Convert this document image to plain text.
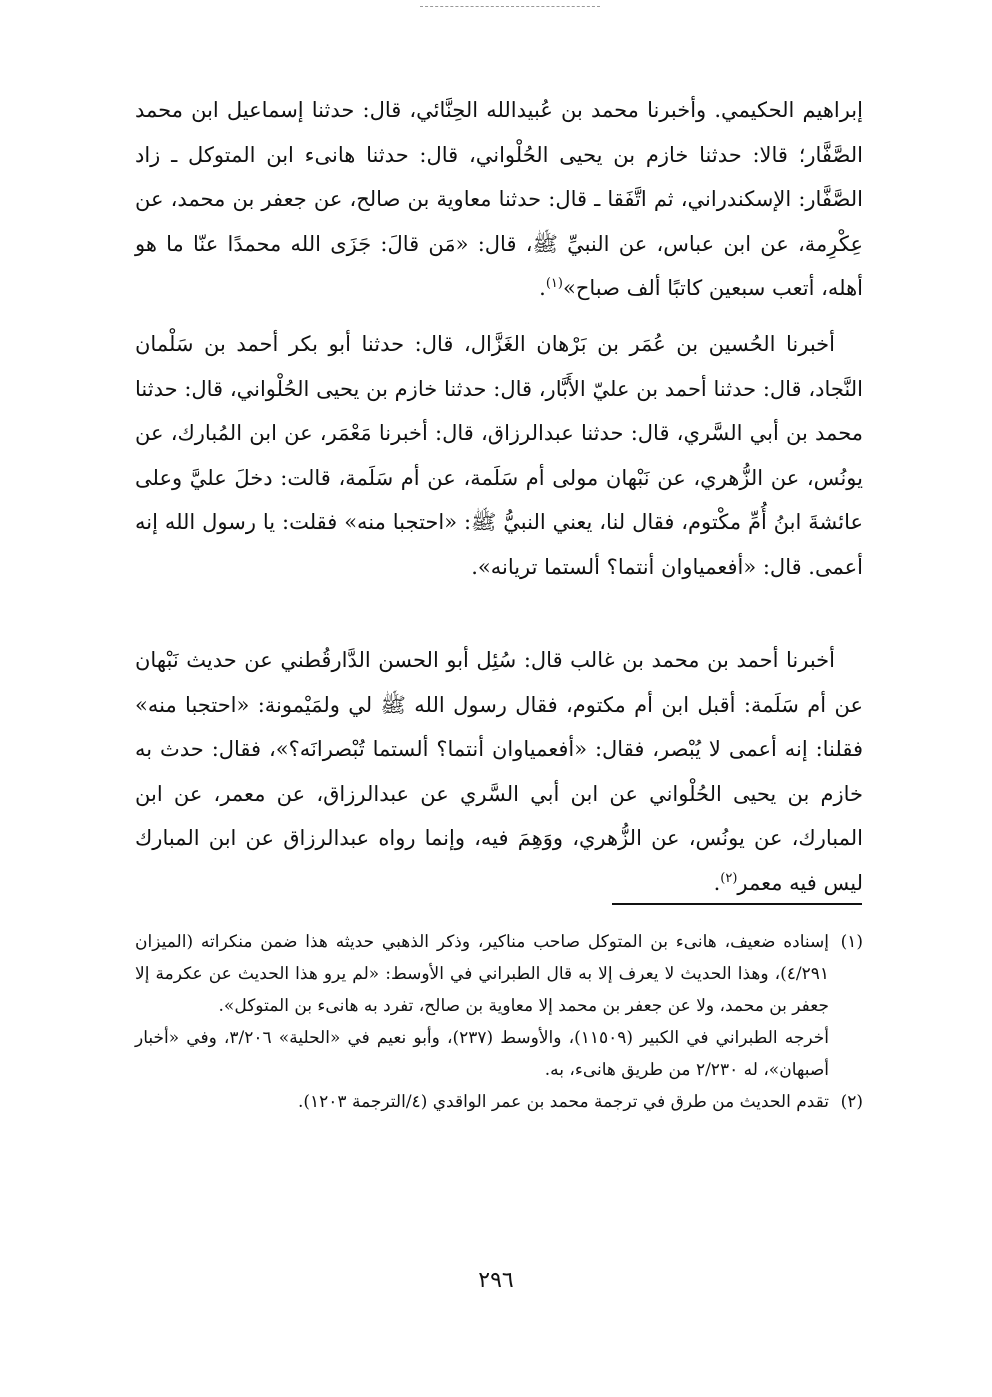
إبراهيم الحكيمي. وأخبرنا محمد بن عُبيدالله الحِنَّائي، قال: حدثنا إسماعيل ابن محمد الصَّفَّار؛ قالا: حدثنا خازم بن يحيى الحُلْواني، قال: حدثنا هانىء ابن المتوكل ـ زاد الصَّفَّار: الإسكندراني، ثم اتَّفَقا ـ قال: حدثنا معاوية بن صالح، عن جعفر بن محمد، عن عِكْرِمة، عن ابن عباس، عن النبيِّ ﷺ، قال: «مَن قالَ: جَزَى الله محمدًا عنّا ما هو أهله، أتعب سبعين كاتبًا ألف صباح»$^{(١)}$.

أخبرنا الحُسين بن عُمَر بن بَرْهان الغَزَّال، قال: حدثنا أبو بكر أحمد بن سَلْمان النَّجاد، قال: حدثنا أحمد بن عليّ الأَبَّار، قال: حدثنا خازم بن يحيى الحُلْواني، قال: حدثنا محمد بن أبي السَّري، قال: حدثنا عبدالرزاق، قال: أخبرنا مَعْمَر، عن ابن المُبارك، عن يونُس، عن الزُّهري، عن نَبْهان مولى أم سَلَمة، عن أم سَلَمة، قالت: دخلَ عليَّ وعلى عائشةَ ابنُ أُمِّ مكْتوم، فقال لنا، يعني النبيُّ ﷺ: «احتجبا منه» فقلت: يا رسول الله إنه أعمى. قال: «أفعمياوان أنتما؟ ألستما تريانه».

أخبرنا أحمد بن محمد بن غالب قال: سُئِل أبو الحسن الدَّارقُطني عن حديث نَبْهان عن أم سَلَمة: أقبل ابن أم مكتوم، فقال رسول الله ﷺ لي ولمَيْمونة: «احتجبا منه» فقلنا: إنه أعمى لا يُبْصر، فقال: «أفعمياوان أنتما؟ ألستما تُبْصرانَه؟»، فقال: حدث به خازم بن يحيى الحُلْواني عن ابن أبي السَّري عن عبدالرزاق، عن معمر، عن ابن المبارك، عن يونُس، عن الزُّهري، ووَهِمَ فيه، وإنما رواه عبدالرزاق عن ابن المبارك ليس فيه معمر$^{(٢)}$.

(١)

إسناده ضعيف، هانىء بن المتوكل صاحب مناكير، وذكر الذهبي حديثه هذا ضمن منكراته (الميزان ٤/٢٩١)، وهذا الحديث لا يعرف إلا به قال الطبراني في الأوسط: «لم يرو هذا الحديث عن عكرمة إلا جعفر بن محمد، ولا عن جعفر بن محمد إلا معاوية بن صالح، تفرد به هانىء بن المتوكل».

أخرجه الطبراني في الكبير (١١٥٠٩)، والأوسط (٢٣٧)، وأبو نعيم في «الحلية» ٣/٢٠٦، وفي «أخبار أصبهان»، له ٢/٢٣٠ من طريق هانىء، به.

(٢)

تقدم الحديث من طرق في ترجمة محمد بن عمر الواقدي (٤/الترجمة ١٢٠٣).

٢٩٦
